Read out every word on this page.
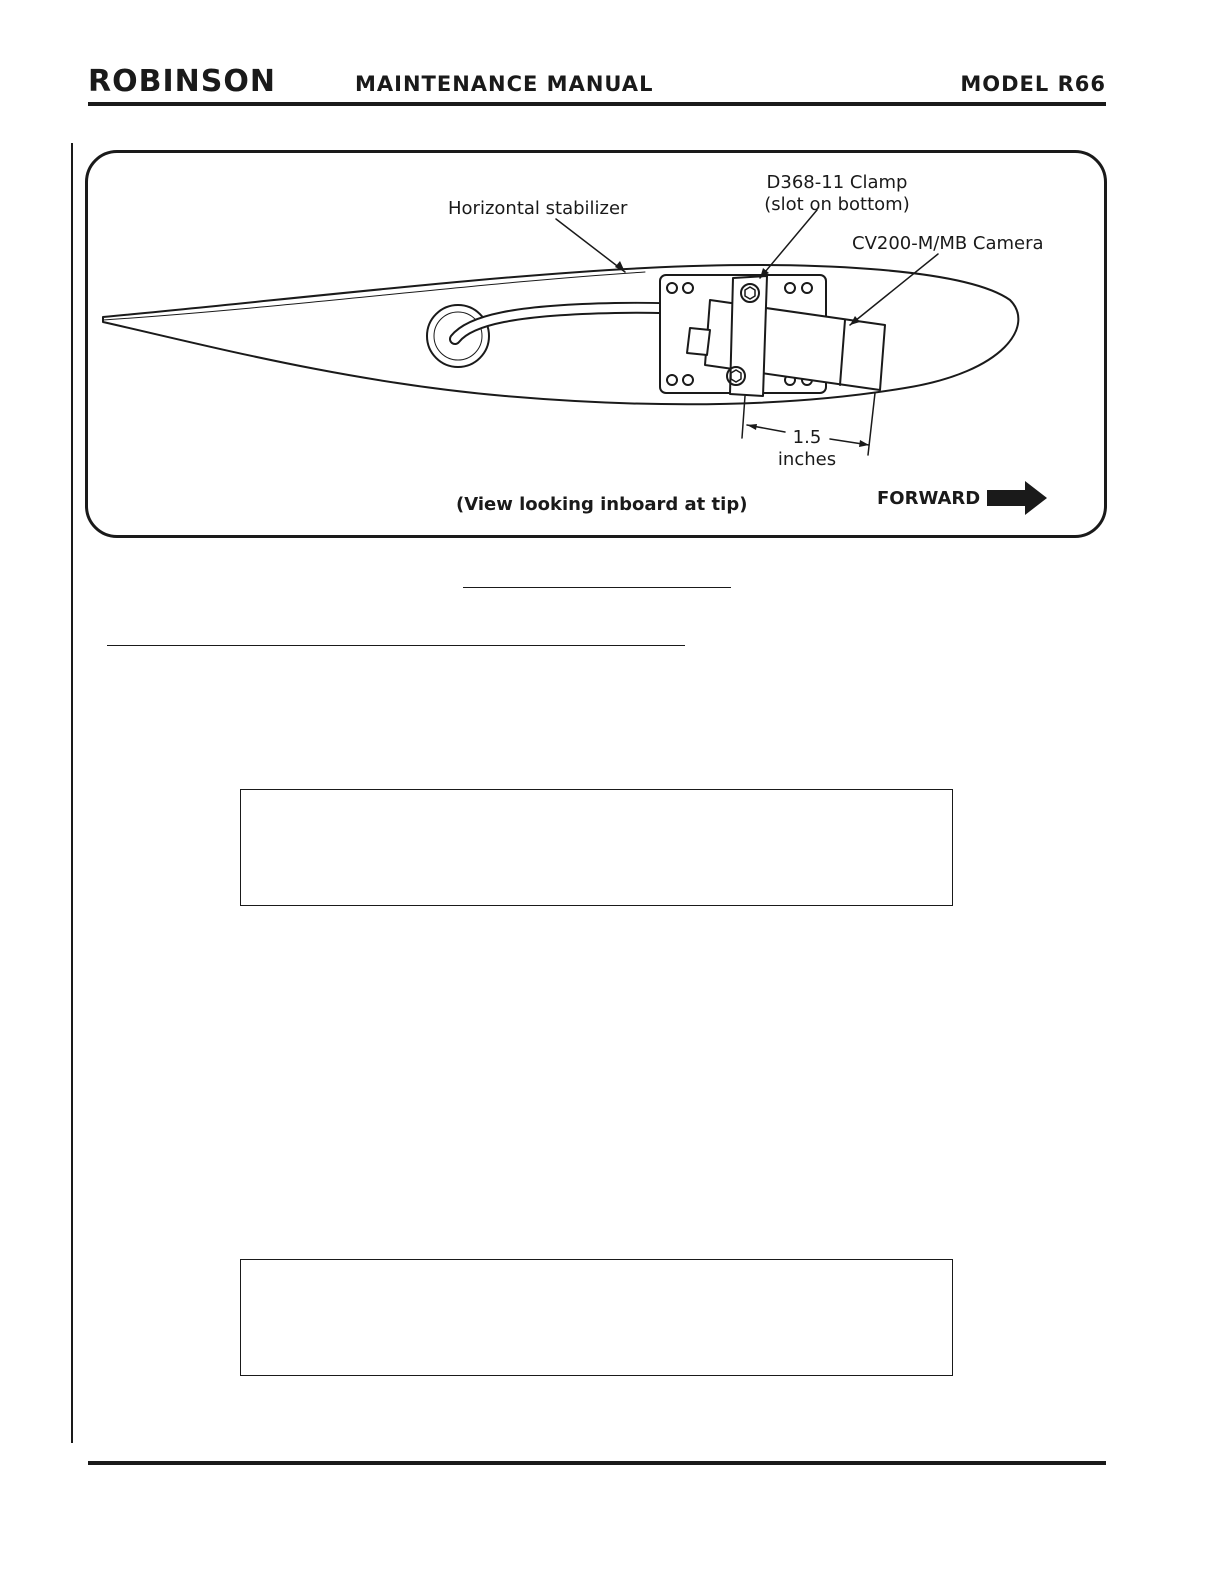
ROBINSON	MAINTENANCE MANUAL	MODEL R66
Horizontal stabilizer
D368-11 Clamp
(slot on bottom)
CV200-M/MB Camera
1.5
inches
(View looking inboard at tip)	FORWARD
